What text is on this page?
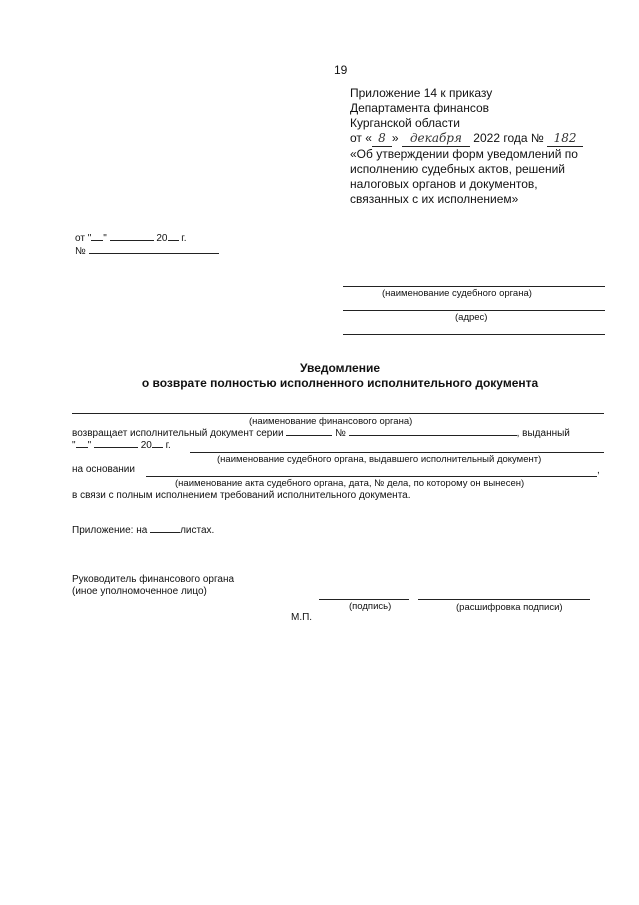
19
Приложение 14 к приказу
Департамента финансов
Курганской области
от « 8 » декабря 2022 года № 182
«Об утверждении форм уведомлений по
исполнению судебных актов, решений
налоговых органов и документов,
связанных с их исполнением»
от " "	20 г.
№
(наименование судебного органа)
(адрес)
Уведомление
о возврате полностью исполненного исполнительного документа
(наименование финансового органа)
возвращает исполнительный документ серии	№	, выданный
" "	20 г.
(наименование судебного органа, выдавшего исполнительный документ)
на основании	,
(наименование акта судебного органа, дата, № дела, по которому он вынесен)
в связи с полным исполнением требований исполнительного документа.
Приложение: на	листах.
Руководитель финансового органа
(иное уполномоченное лицо)
(подпись)	(расшифровка подписи)
М.П.
